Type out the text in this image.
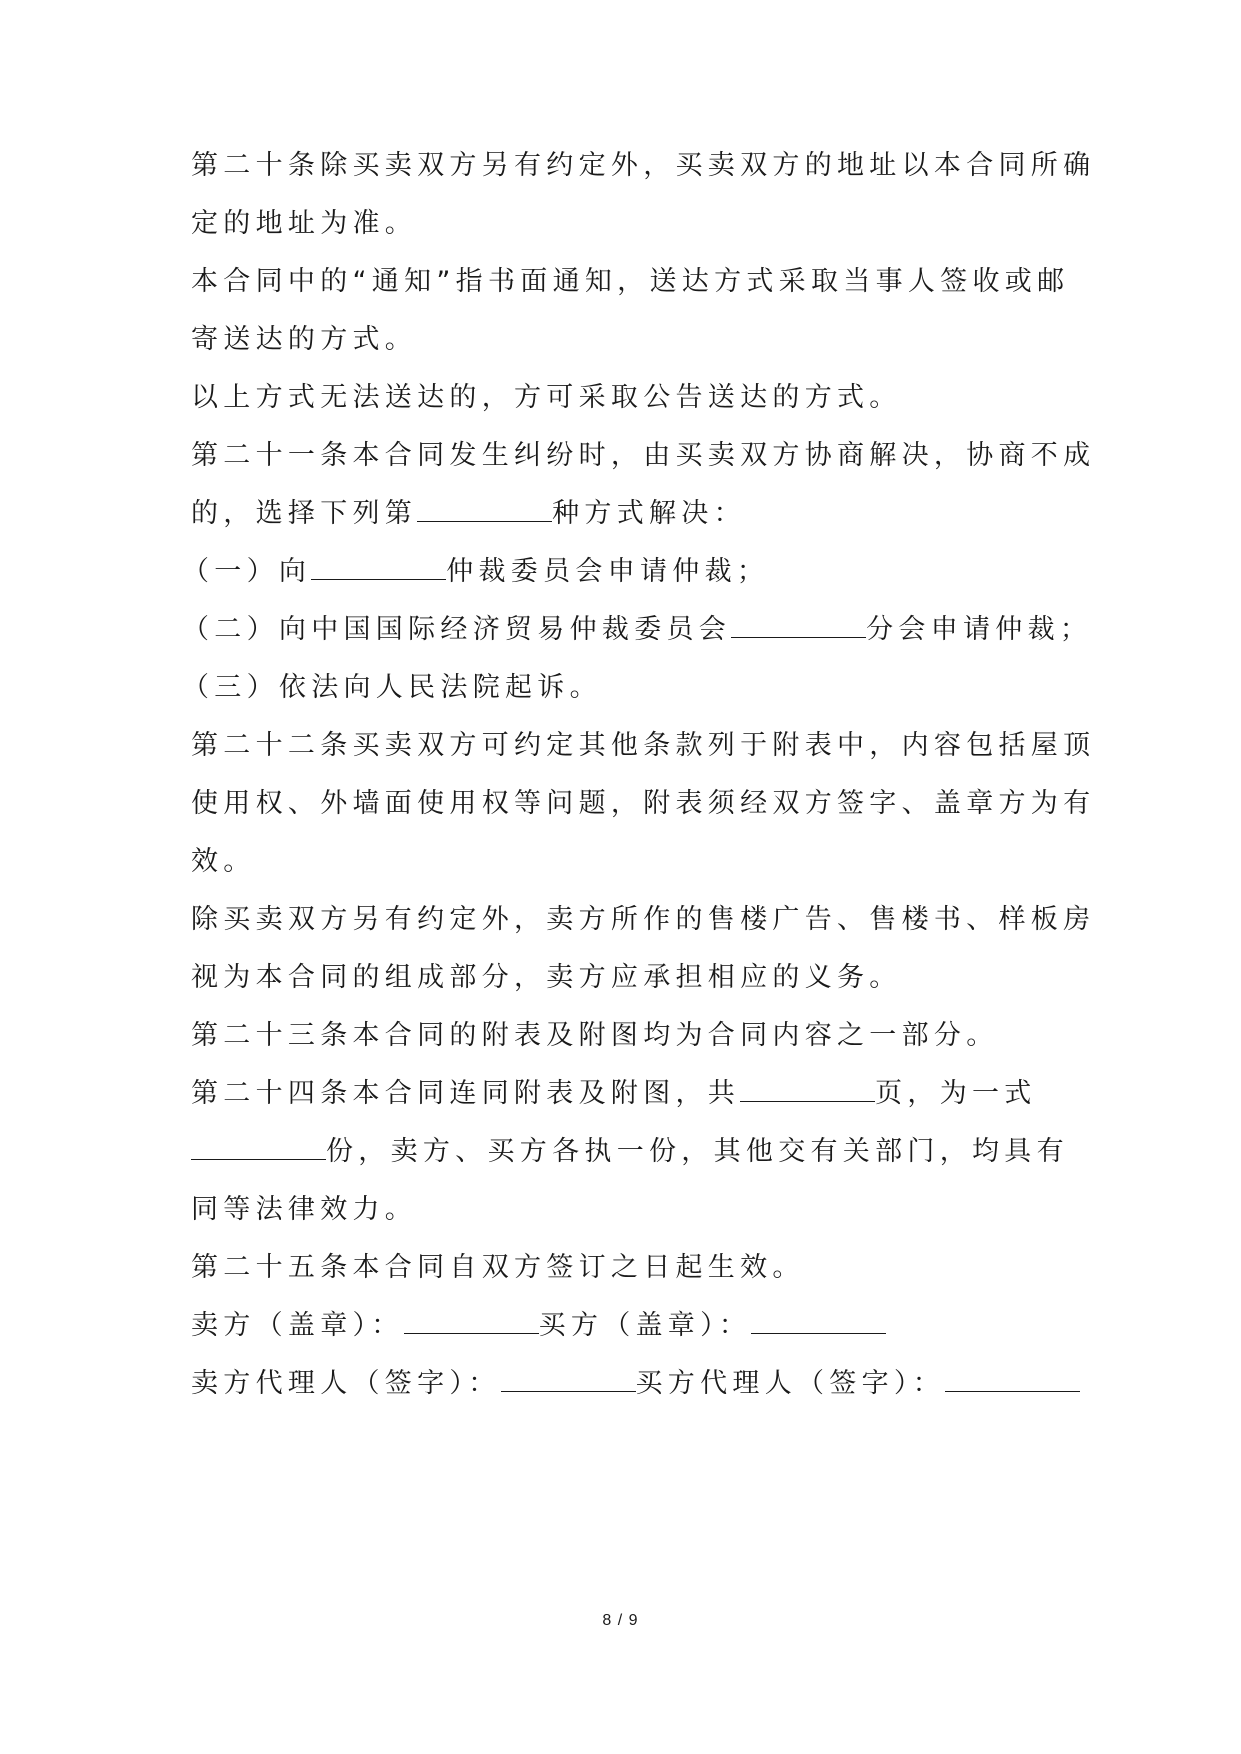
第二十条除买卖双方另有约定外，买卖双方的地址以本合同所确
定的地址为准。
本合同中的“通知”指书面通知，送达方式采取当事人签收或邮
寄送达的方式。
以上方式无法送达的，方可采取公告送达的方式。
第二十一条本合同发生纠纷时，由买卖双方协商解决，协商不成
的，选择下列第	种方式解决：
（一）向	仲裁委员会申请仲裁；
（二）向中国国际经济贸易仲裁委员会	分会申请仲裁；
（三）依法向人民法院起诉。
第二十二条买卖双方可约定其他条款列于附表中，内容包括屋顶
使用权、外墙面使用权等问题，附表须经双方签字、盖章方为有
效。
除买卖双方另有约定外，卖方所作的售楼广告、售楼书、样板房
视为本合同的组成部分，卖方应承担相应的义务。
第二十三条本合同的附表及附图均为合同内容之一部分。
第二十四条本合同连同附表及附图，共	页，为一式
份，卖方、买方各执一份，其他交有关部门，均具有
同等法律效力。
第二十五条本合同自双方签订之日起生效。
卖方（盖章）：	买方（盖章）：
卖方代理人（签字）：	买方代理人（签字）：
8 / 9
